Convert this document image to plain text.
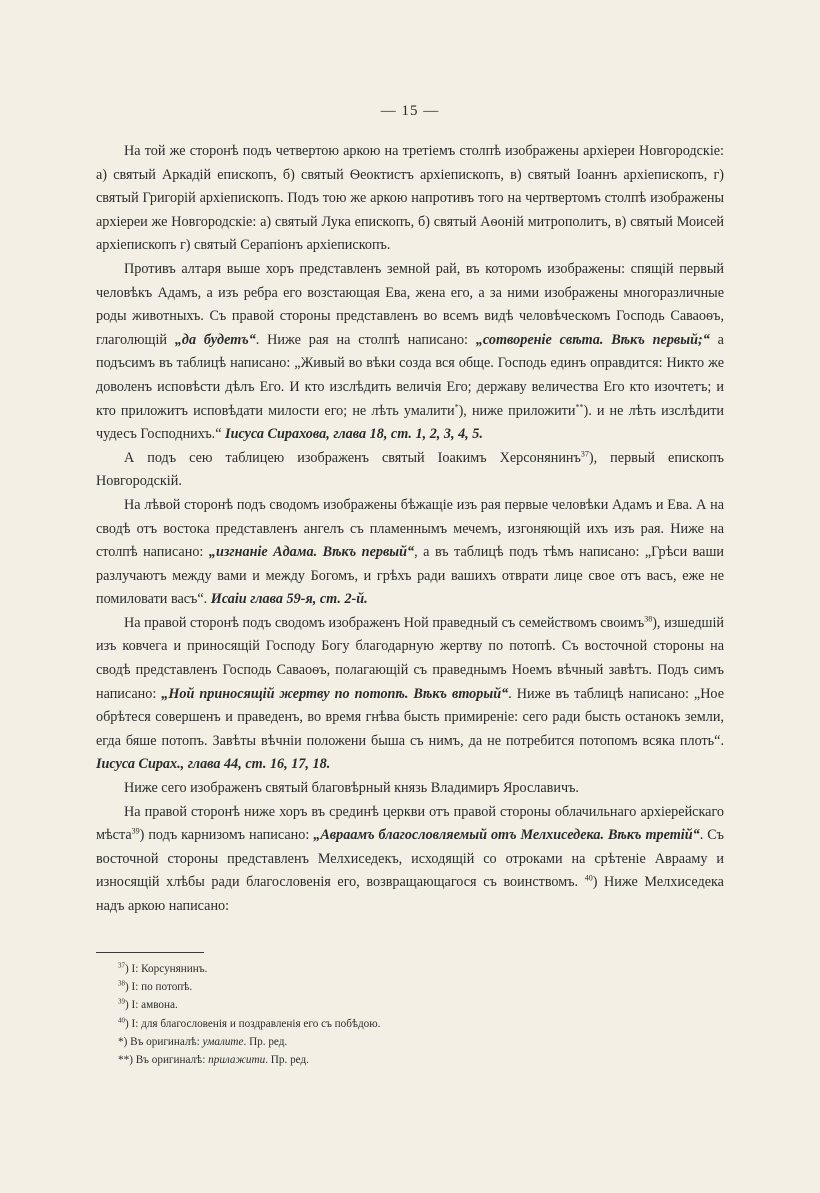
— 15 —

На той же сторонѣ подъ четвертою аркою на третiемъ столпѣ изображены архiереи Новгородскiе: а) святый Аркадiй епископъ, б) святый Ѳеоктистъ архiепископъ, в) святый Iоаннъ архiепископъ, г) святый Григорiй архiепископъ. Подъ тою же аркою напротивъ того на чертвертомъ столпѣ изображены архiереи же Новгородскiе: а) святый Лука епископъ, б) святый Аѳонiй митрополитъ, в) святый Моисей архiепископъ г) святый Серапiонъ архiепископъ.

Противъ алтаря выше хоръ представленъ земной рай, въ которомъ изображены: спящiй первый человѣкъ Адамъ, а изъ ребра его возстающая Ева, жена его, а за ними изображены многоразличные роды животныхъ. Съ правой стороны представленъ во всемъ видѣ человѣческомъ Господь Саваоѳъ, глаголющiй „да будетъ“. Ниже рая на столпѣ написано: „сотворенiе свѣта. Вѣкъ первый;“ а подъсимъ въ таблицѣ написано: „Живый во вѣки созда вся обще. Господь единъ оправдится: Никто же доволенъ исповѣсти дѣлъ Его. И кто изслѣдить величiя Его; державу величества Его кто изочтетъ; и кто приложитъ исповѣдати милости его; не лѣть умалити*), ниже приложити**). и не лѣть изслѣдити чудесъ Господнихъ.“ Iисуса Сирахова, глава 18, ст. 1, 2, 3, 4, 5.

А подъ сею таблицею изображенъ святый Iоакимъ Херсонянинъ$^{37}$), первый епископъ Новгородскiй.

На лѣвой сторонѣ подъ сводомъ изображены бѣжащiе изъ рая первые человѣки Адамъ и Ева. А на сводѣ отъ востока представленъ ангелъ съ пламеннымъ мечемъ, изгоняющiй ихъ изъ рая. Ниже на столпѣ написано: „изгнанiе Адама. Вѣкъ первый“, а въ таблицѣ подъ тѣмъ написано: „Грѣси ваши разлучаютъ между вами и между Богомъ, и грѣхъ ради вашихъ отврати лице свое отъ васъ, еже не помиловати васъ“. Исаiи глава 59-я, ст. 2-й.

На правой сторонѣ подъ сводомъ изображенъ Ной праведный съ семействомъ своимъ$^{38}$), изшедшiй изъ ковчега и приносящiй Господу Богу благодарную жертву по потопѣ. Съ восточной стороны на сводѣ представленъ Господь Саваоѳъ, полагающiй съ праведнымъ Ноемъ вѣчный завѣтъ. Подъ симъ написано: „Ной приносящiй жертву по потопѣ. Вѣкъ вторый“. Ниже въ таблицѣ написано: „Ное обрѣтеся совершенъ и праведенъ, во время гнѣва бысть примиренiе: сего ради бысть останокъ земли, егда бяше потопъ. Завѣты вѣчнiи положени быша съ нимъ, да не потребится потопомъ всяка плоть“. Iисуса Сирах., глава 44, ст. 16, 17, 18.

Ниже сего изображенъ святый благовѣрный князь Владимиръ Ярославичъ.

На правой сторонѣ ниже хоръ въ срединѣ церкви отъ правой стороны облачильнаго архiерейскаго мѣста$^{39}$) подъ карнизомъ написано: „Авраамъ благословляемый отъ Мелхиседека. Вѣкъ третiй“. Съ восточной стороны представленъ Мелхиседекъ, исходящiй со отроками на срѣтенiе Аврааму и износящiй хлѣбы ради благословенiя его, возвращающагося съ воинствомъ. $^{40}$) Ниже Мелхиседека надъ аркою написано:

$^{37}$) I: Корсунянинъ.
$^{38}$) I: по потопѣ.
$^{39}$) I: амвона.
$^{40}$) I: для благословенiя и поздравленiя его съ побѣдою.
*) Въ оригиналѣ: умалите. Пр. ред.
**) Въ оригиналѣ: прилажити. Пр. ред.
